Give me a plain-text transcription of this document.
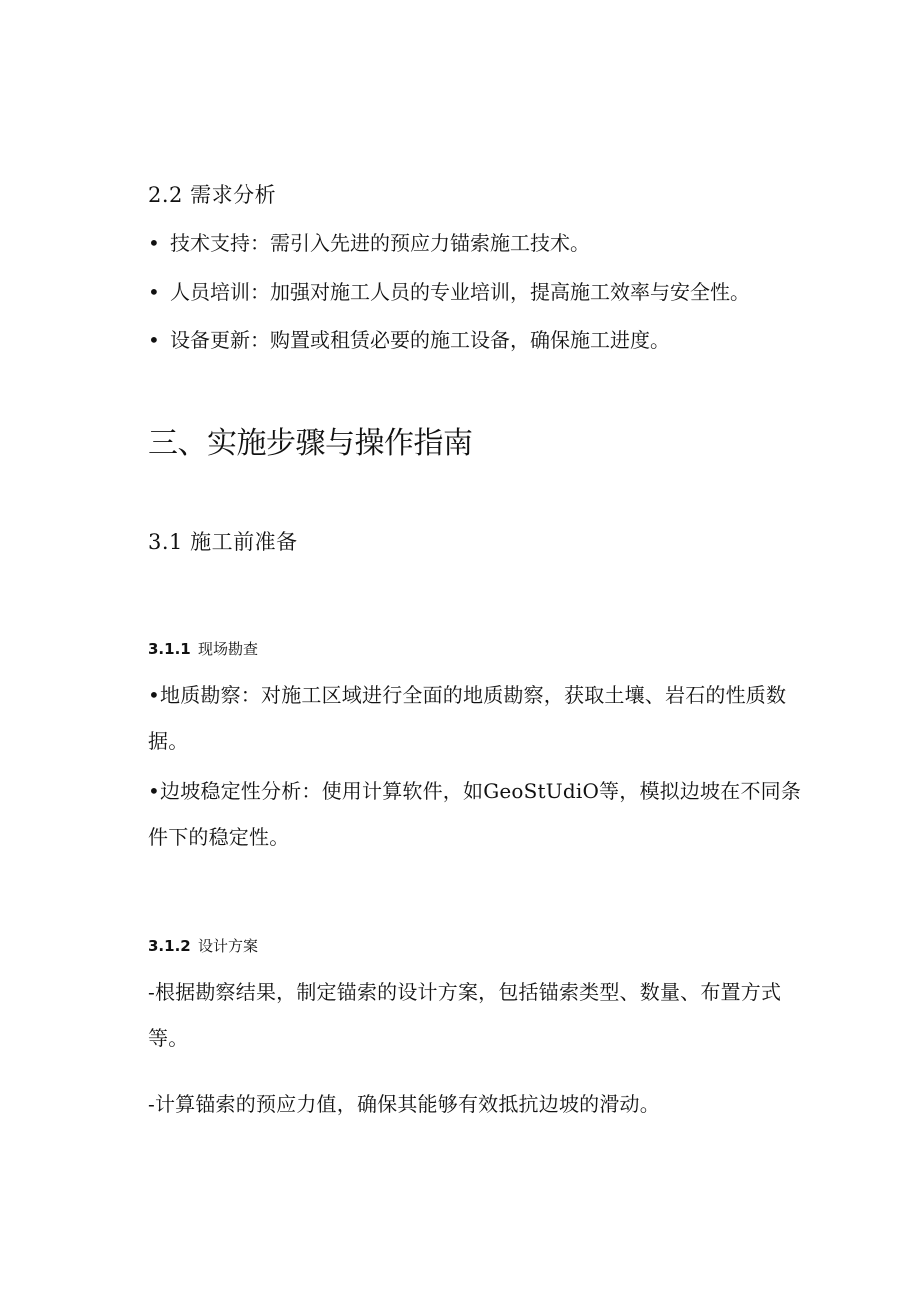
2.2 需求分析
• 技术支持：需引入先进的预应力锚索施工技术。
• 人员培训：加强对施工人员的专业培训，提高施工效率与安全性。
• 设备更新：购置或租赁必要的施工设备，确保施工进度。
三、实施步骤与操作指南
3.1 施工前准备
3.1.1 现场勘查

•地质勘察：对施工区域进行全面的地质勘察，获取土壤、岩石的性质数据。

•边坡稳定性分析：使用计算软件，如GeoStUdiO等，模拟边坡在不同条件下的稳定性。

3.1.2 设计方案

-根据勘察结果，制定锚索的设计方案，包括锚索类型、数量、布置方式等。

-计算锚索的预应力值，确保其能够有效抵抗边坡的滑动。
